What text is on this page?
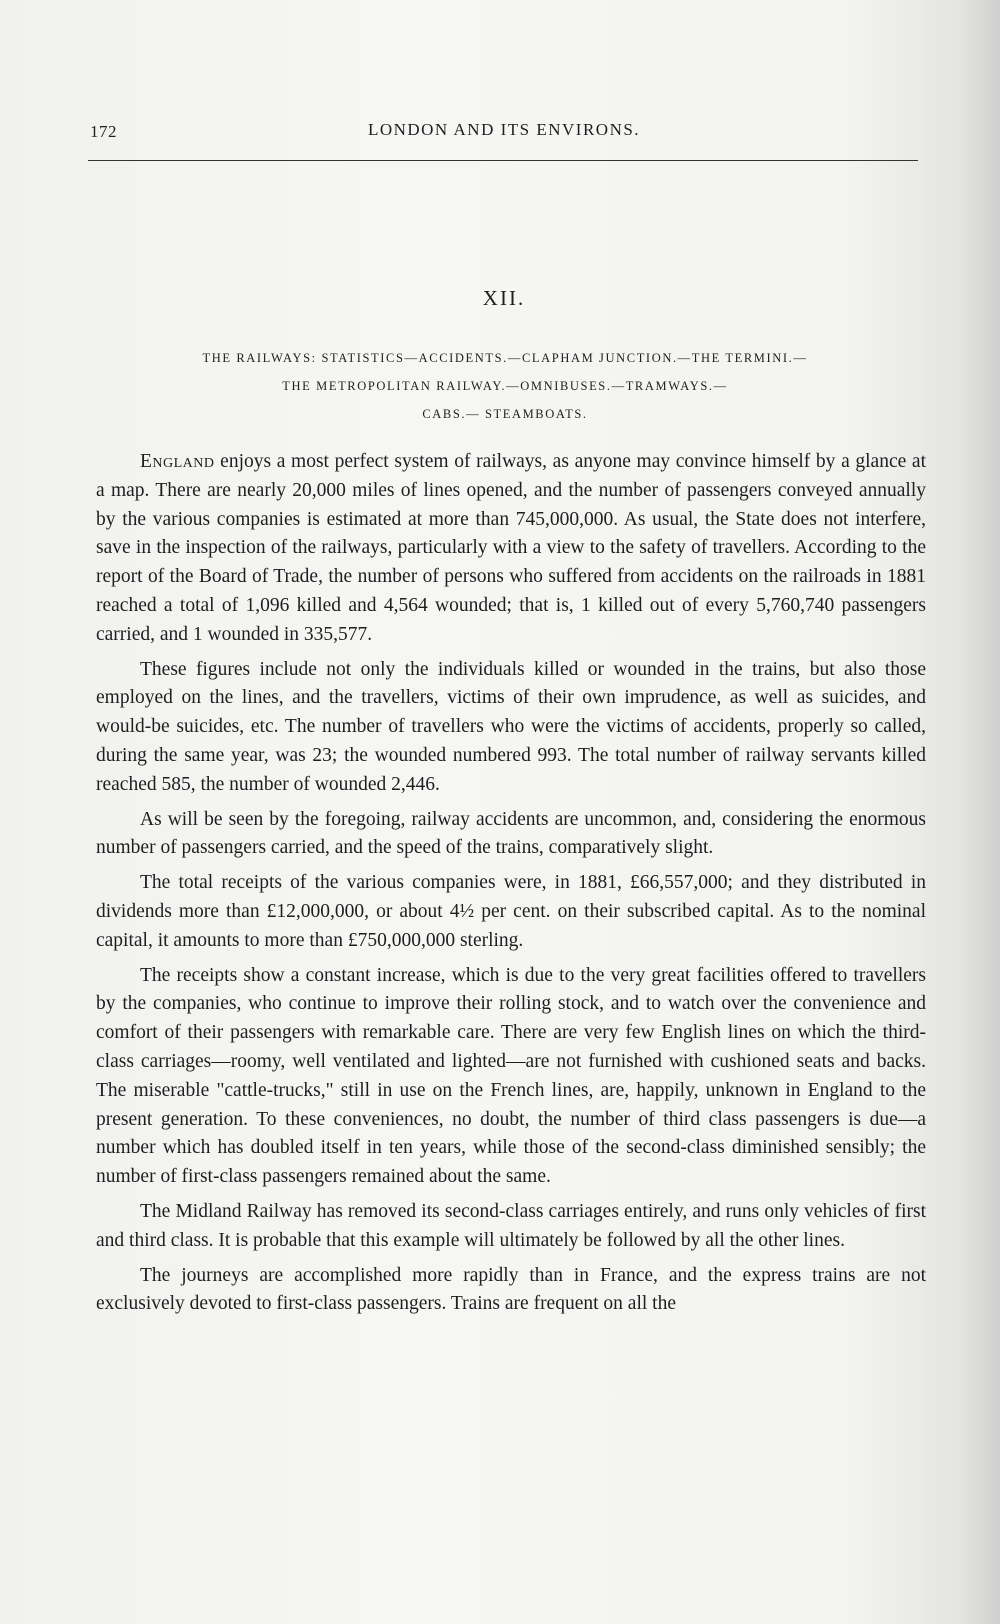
172	LONDON AND ITS ENVIRONS.
XII.
THE RAILWAYS: STATISTICS—ACCIDENTS.—CLAPHAM JUNCTION.—THE TERMINI.—
THE METROPOLITAN RAILWAY.—OMNIBUSES.—TRAMWAYS.—
CABS.— STEAMBOATS.

England enjoys a most perfect system of railways, as anyone may convince himself by a glance at a map. There are nearly 20,000 miles of lines opened, and the number of passengers conveyed annually by the various companies is estimated at more than 745,000,000. As usual, the State does not interfere, save in the inspection of the railways, particularly with a view to the safety of travellers. According to the report of the Board of Trade, the number of persons who suffered from accidents on the railroads in 1881 reached a total of 1,096 killed and 4,564 wounded; that is, 1 killed out of every 5,760,740 passengers carried, and 1 wounded in 335,577.

These figures include not only the individuals killed or wounded in the trains, but also those employed on the lines, and the travellers, victims of their own imprudence, as well as suicides, and would-be suicides, etc. The number of travellers who were the victims of accidents, properly so called, during the same year, was 23; the wounded numbered 993. The total number of railway servants killed reached 585, the number of wounded 2,446.

As will be seen by the foregoing, railway accidents are uncommon, and, considering the enormous number of passengers carried, and the speed of the trains, comparatively slight.

The total receipts of the various companies were, in 1881, £66,557,000; and they distributed in dividends more than £12,000,000, or about 4½ per cent. on their subscribed capital. As to the nominal capital, it amounts to more than £750,000,000 sterling.

The receipts show a constant increase, which is due to the very great facilities offered to travellers by the companies, who continue to improve their rolling stock, and to watch over the convenience and comfort of their passengers with remarkable care. There are very few English lines on which the third-class carriages—roomy, well ventilated and lighted—are not furnished with cushioned seats and backs. The miserable "cattle-trucks," still in use on the French lines, are, happily, unknown in England to the present generation. To these conveniences, no doubt, the number of third class passengers is due—a number which has doubled itself in ten years, while those of the second-class diminished sensibly; the number of first-class passengers remained about the same.

The Midland Railway has removed its second-class carriages entirely, and runs only vehicles of first and third class. It is probable that this example will ultimately be followed by all the other lines.

The journeys are accomplished more rapidly than in France, and the express trains are not exclusively devoted to first-class passengers. Trains are frequent on all the
